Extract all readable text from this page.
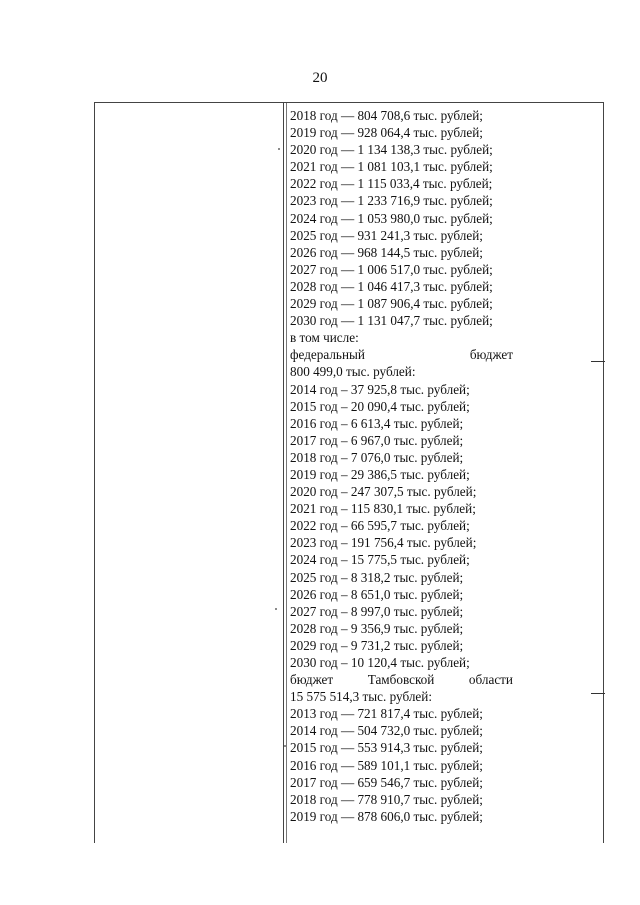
20
2018 год — 804 708,6 тыс. рублей;
2019 год — 928 064,4 тыс. рублей;
2020 год — 1 134 138,3 тыс. рублей;
2021 год — 1 081 103,1 тыс. рублей;
2022 год — 1 115 033,4 тыс. рублей;
2023 год — 1 233 716,9 тыс. рублей;
2024 год — 1 053 980,0 тыс. рублей;
2025 год — 931 241,3 тыс. рублей;
2026 год — 968 144,5 тыс. рублей;
2027 год — 1 006 517,0 тыс. рублей;
2028 год — 1 046 417,3 тыс. рублей;
2029 год — 1 087 906,4 тыс. рублей;
2030 год — 1 131 047,7 тыс. рублей;
в том числе:
федеральный	бюджет
800 499,0 тыс. рублей:
2014 год – 37 925,8 тыс. рублей;
2015 год – 20 090,4 тыс. рублей;
2016 год – 6 613,4 тыс. рублей;
2017 год – 6 967,0 тыс. рублей;
2018 год – 7 076,0 тыс. рублей;
2019 год – 29 386,5 тыс. рублей;
2020 год – 247 307,5 тыс. рублей;
2021 год – 115 830,1 тыс. рублей;
2022 год – 66 595,7 тыс. рублей;
2023 год – 191 756,4 тыс. рублей;
2024 год – 15 775,5 тыс. рублей;
2025 год – 8 318,2 тыс. рублей;
2026 год – 8 651,0 тыс. рублей;
2027 год – 8 997,0 тыс. рублей;
2028 год – 9 356,9 тыс. рублей;
2029 год – 9 731,2 тыс. рублей;
2030 год – 10 120,4 тыс. рублей;
бюджет	Тамбовской	области
15 575 514,3 тыс. рублей:
2013 год — 721 817,4 тыс. рублей;
2014 год — 504 732,0 тыс. рублей;
2015 год — 553 914,3 тыс. рублей;
2016 год — 589 101,1 тыс. рублей;
2017 год — 659 546,7 тыс. рублей;
2018 год — 778 910,7 тыс. рублей;
2019 год — 878 606,0 тыс. рублей;
